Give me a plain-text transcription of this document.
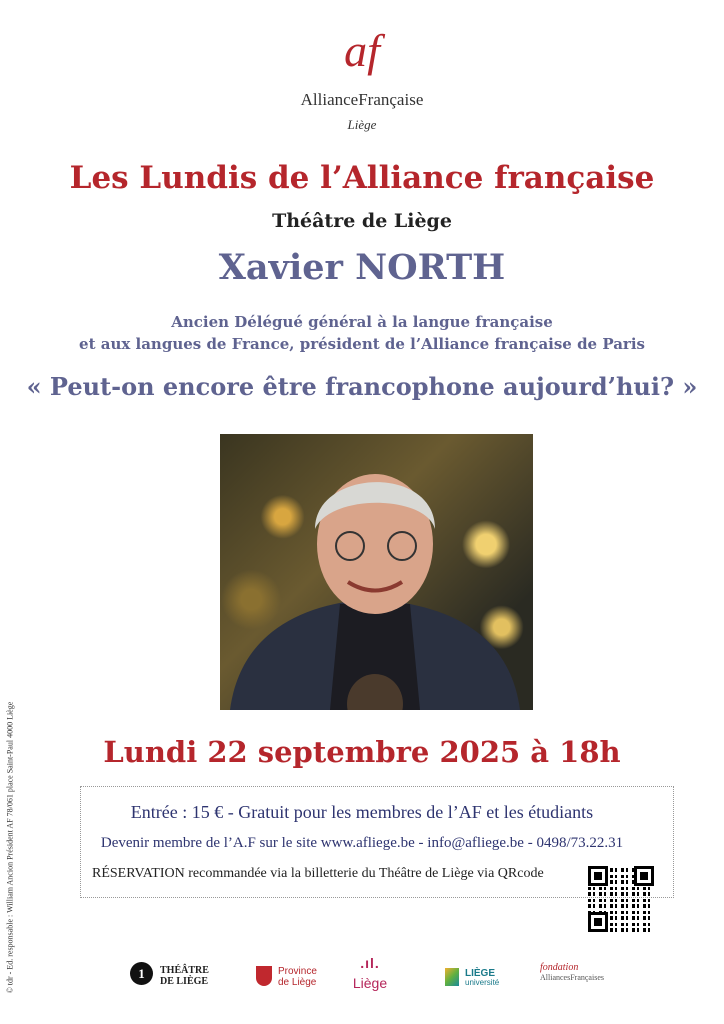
af
AllianceFrançaise
Liège
Les Lundis de l’Alliance française
Théâtre de Liège
Xavier NORTH
Ancien Délégué général à la langue française
et aux langues de France, président de l’Alliance française de Paris
« Peut-on encore être francophone aujourd’hui? »
Lundi 22 septembre 2025 à 18h
Entrée : 15 € - Gratuit pour les membres de l’AF et les étudiants
Devenir membre de l’A.F sur le site www.afliege.be - info@afliege.be - 0498/73.22.31
RÉSERVATION recommandée via la billetterie du Théâtre de Liège via QRcode
© tdr - Ed. responsable : William Ancion Président AF 78/061 place Saint-Paul 4000 Liège	1	THÉÂTRE
DE LIÈGE
Province
de Liège
.ıl.
Liège
LIÈGE
université
fondation
AlliancesFrançaises
